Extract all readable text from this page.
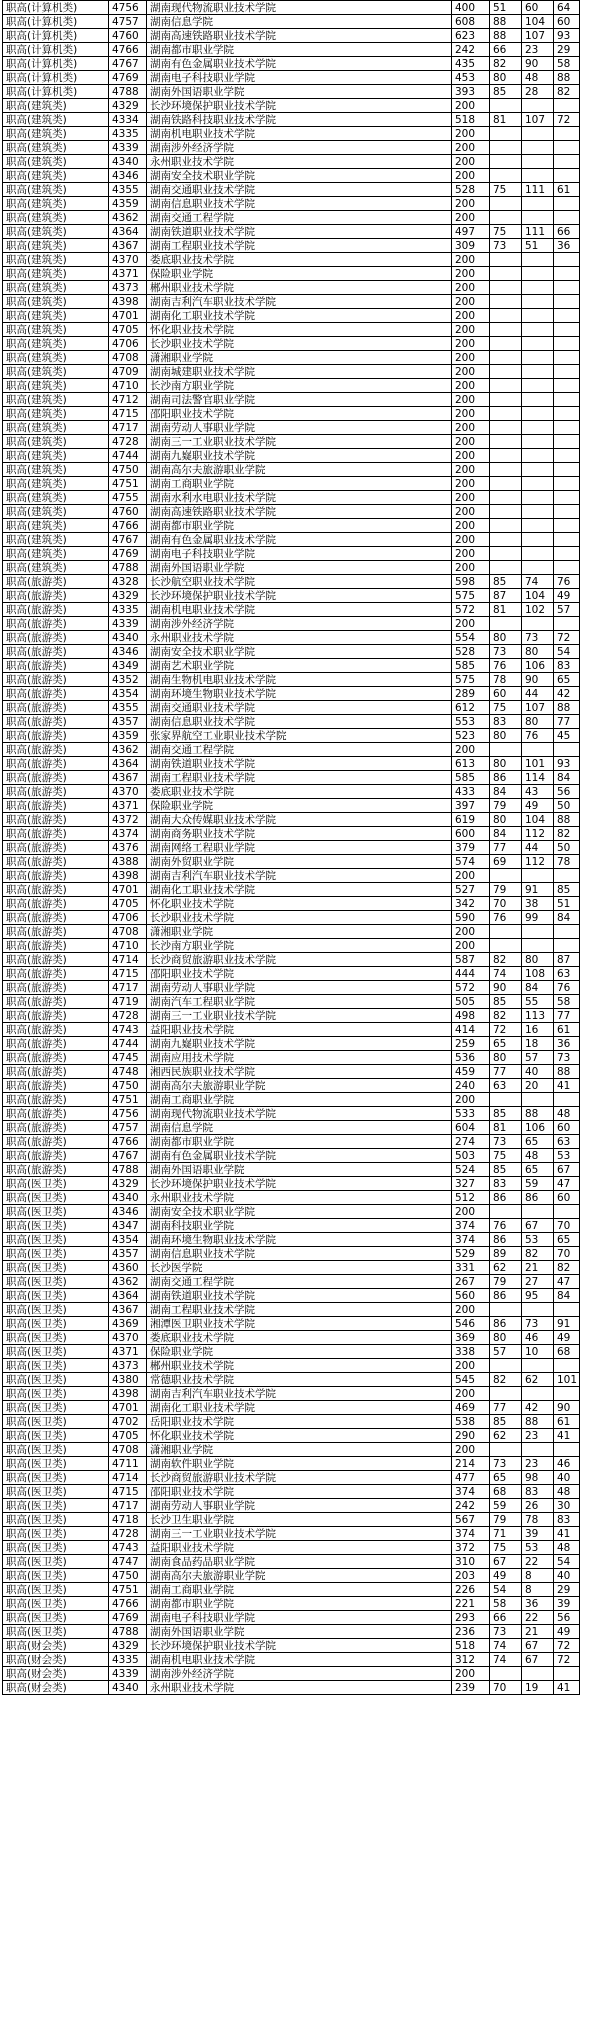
职高(计算机类)	4756	湖南现代物流职业技术学院	400	51	60	64
职高(计算机类)	4757	湖南信息学院	608	88	104	60
职高(计算机类)	4760	湖南高速铁路职业技术学院	623	88	107	93
职高(计算机类)	4766	湖南都市职业学院	242	66	23	29
职高(计算机类)	4767	湖南有色金属职业技术学院	435	82	90	58
职高(计算机类)	4769	湖南电子科技职业学院	453	80	48	88
职高(计算机类)	4788	湖南外国语职业学院	393	85	28	82
职高(建筑类)	4329	长沙环境保护职业技术学院	200			
职高(建筑类)	4334	湖南铁路科技职业技术学院	518	81	107	72
职高(建筑类)	4335	湖南机电职业技术学院	200			
职高(建筑类)	4339	湖南涉外经济学院	200			
职高(建筑类)	4340	永州职业技术学院	200			
职高(建筑类)	4346	湖南安全技术职业学院	200			
职高(建筑类)	4355	湖南交通职业技术学院	528	75	111	61
职高(建筑类)	4359	湖南信息职业技术学院	200			
职高(建筑类)	4362	湖南交通工程学院	200			
职高(建筑类)	4364	湖南铁道职业技术学院	497	75	111	66
职高(建筑类)	4367	湖南工程职业技术学院	309	73	51	36
职高(建筑类)	4370	娄底职业技术学院	200			
职高(建筑类)	4371	保险职业学院	200			
职高(建筑类)	4373	郴州职业技术学院	200			
职高(建筑类)	4398	湖南吉利汽车职业技术学院	200			
职高(建筑类)	4701	湖南化工职业技术学院	200			
职高(建筑类)	4705	怀化职业技术学院	200			
职高(建筑类)	4706	长沙职业技术学院	200			
职高(建筑类)	4708	潇湘职业学院	200			
职高(建筑类)	4709	湖南城建职业技术学院	200			
职高(建筑类)	4710	长沙南方职业学院	200			
职高(建筑类)	4712	湖南司法警官职业学院	200			
职高(建筑类)	4715	邵阳职业技术学院	200			
职高(建筑类)	4717	湖南劳动人事职业学院	200			
职高(建筑类)	4728	湖南三一工业职业技术学院	200			
职高(建筑类)	4744	湖南九嶷职业技术学院	200			
职高(建筑类)	4750	湖南高尔夫旅游职业学院	200			
职高(建筑类)	4751	湖南工商职业学院	200			
职高(建筑类)	4755	湖南水利水电职业技术学院	200			
职高(建筑类)	4760	湖南高速铁路职业技术学院	200			
职高(建筑类)	4766	湖南都市职业学院	200			
职高(建筑类)	4767	湖南有色金属职业技术学院	200			
职高(建筑类)	4769	湖南电子科技职业学院	200			
职高(建筑类)	4788	湖南外国语职业学院	200			
职高(旅游类)	4328	长沙航空职业技术学院	598	85	74	76
职高(旅游类)	4329	长沙环境保护职业技术学院	575	87	104	49
职高(旅游类)	4335	湖南机电职业技术学院	572	81	102	57
职高(旅游类)	4339	湖南涉外经济学院	200			
职高(旅游类)	4340	永州职业技术学院	554	80	73	72
职高(旅游类)	4346	湖南安全技术职业学院	528	73	80	54
职高(旅游类)	4349	湖南艺术职业学院	585	76	106	83
职高(旅游类)	4352	湖南生物机电职业技术学院	575	78	90	65
职高(旅游类)	4354	湖南环境生物职业技术学院	289	60	44	42
职高(旅游类)	4355	湖南交通职业技术学院	612	75	107	88
职高(旅游类)	4357	湖南信息职业技术学院	553	83	80	77
职高(旅游类)	4359	张家界航空工业职业技术学院	523	80	76	45
职高(旅游类)	4362	湖南交通工程学院	200			
职高(旅游类)	4364	湖南铁道职业技术学院	613	80	101	93
职高(旅游类)	4367	湖南工程职业技术学院	585	86	114	84
职高(旅游类)	4370	娄底职业技术学院	433	84	43	56
职高(旅游类)	4371	保险职业学院	397	79	49	50
职高(旅游类)	4372	湖南大众传媒职业技术学院	619	80	104	88
职高(旅游类)	4374	湖南商务职业技术学院	600	84	112	82
职高(旅游类)	4376	湖南网络工程职业学院	379	77	44	50
职高(旅游类)	4388	湖南外贸职业学院	574	69	112	78
职高(旅游类)	4398	湖南吉利汽车职业技术学院	200			
职高(旅游类)	4701	湖南化工职业技术学院	527	79	91	85
职高(旅游类)	4705	怀化职业技术学院	342	70	38	51
职高(旅游类)	4706	长沙职业技术学院	590	76	99	84
职高(旅游类)	4708	潇湘职业学院	200			
职高(旅游类)	4710	长沙南方职业学院	200			
职高(旅游类)	4714	长沙商贸旅游职业技术学院	587	82	80	87
职高(旅游类)	4715	邵阳职业技术学院	444	74	108	63
职高(旅游类)	4717	湖南劳动人事职业学院	572	90	84	76
职高(旅游类)	4719	湖南汽车工程职业学院	505	85	55	58
职高(旅游类)	4728	湖南三一工业职业技术学院	498	82	113	77
职高(旅游类)	4743	益阳职业技术学院	414	72	16	61
职高(旅游类)	4744	湖南九嶷职业技术学院	259	65	18	36
职高(旅游类)	4745	湖南应用技术学院	536	80	57	73
职高(旅游类)	4748	湘西民族职业技术学院	459	77	40	88
职高(旅游类)	4750	湖南高尔夫旅游职业学院	240	63	20	41
职高(旅游类)	4751	湖南工商职业学院	200			
职高(旅游类)	4756	湖南现代物流职业技术学院	533	85	88	48
职高(旅游类)	4757	湖南信息学院	604	81	106	60
职高(旅游类)	4766	湖南都市职业学院	274	73	65	63
职高(旅游类)	4767	湖南有色金属职业技术学院	503	75	48	53
职高(旅游类)	4788	湖南外国语职业学院	524	85	65	67
职高(医卫类)	4329	长沙环境保护职业技术学院	327	83	59	47
职高(医卫类)	4340	永州职业技术学院	512	86	86	60
职高(医卫类)	4346	湖南安全技术职业学院	200			
职高(医卫类)	4347	湖南科技职业学院	374	76	67	70
职高(医卫类)	4354	湖南环境生物职业技术学院	374	86	53	65
职高(医卫类)	4357	湖南信息职业技术学院	529	89	82	70
职高(医卫类)	4360	长沙医学院	331	62	21	82
职高(医卫类)	4362	湖南交通工程学院	267	79	27	47
职高(医卫类)	4364	湖南铁道职业技术学院	560	86	95	84
职高(医卫类)	4367	湖南工程职业技术学院	200			
职高(医卫类)	4369	湘潭医卫职业技术学院	546	86	73	91
职高(医卫类)	4370	娄底职业技术学院	369	80	46	49
职高(医卫类)	4371	保险职业学院	338	57	10	68
职高(医卫类)	4373	郴州职业技术学院	200			
职高(医卫类)	4380	常德职业技术学院	545	82	62	101
职高(医卫类)	4398	湖南吉利汽车职业技术学院	200			
职高(医卫类)	4701	湖南化工职业技术学院	469	77	42	90
职高(医卫类)	4702	岳阳职业技术学院	538	85	88	61
职高(医卫类)	4705	怀化职业技术学院	290	62	23	41
职高(医卫类)	4708	潇湘职业学院	200			
职高(医卫类)	4711	湖南软件职业学院	214	73	23	46
职高(医卫类)	4714	长沙商贸旅游职业技术学院	477	65	98	40
职高(医卫类)	4715	邵阳职业技术学院	374	68	83	48
职高(医卫类)	4717	湖南劳动人事职业学院	242	59	26	30
职高(医卫类)	4718	长沙卫生职业学院	567	79	78	83
职高(医卫类)	4728	湖南三一工业职业技术学院	374	71	39	41
职高(医卫类)	4743	益阳职业技术学院	372	75	53	48
职高(医卫类)	4747	湖南食品药品职业学院	310	67	22	54
职高(医卫类)	4750	湖南高尔夫旅游职业学院	203	49	8	40
职高(医卫类)	4751	湖南工商职业学院	226	54	8	29
职高(医卫类)	4766	湖南都市职业学院	221	58	36	39
职高(医卫类)	4769	湖南电子科技职业学院	293	66	22	56
职高(医卫类)	4788	湖南外国语职业学院	236	73	21	49
职高(财会类)	4329	长沙环境保护职业技术学院	518	74	67	72
职高(财会类)	4335	湖南机电职业技术学院	312	74	67	72
职高(财会类)	4339	湖南涉外经济学院	200			
职高(财会类)	4340	永州职业技术学院	239	70	19	41
